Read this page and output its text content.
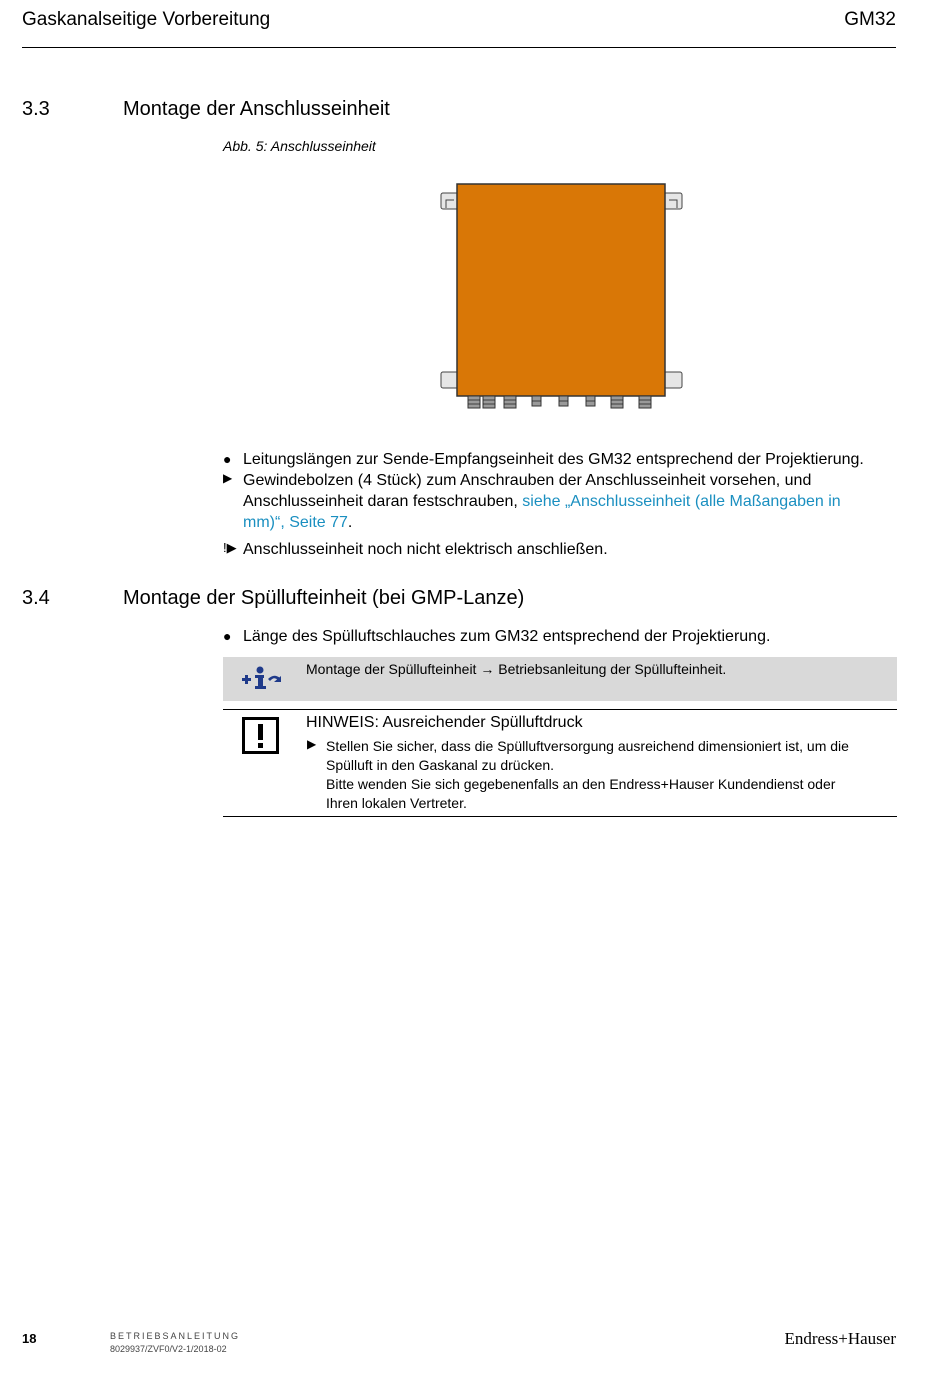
Gaskanalseitige Vorbereitung	GM32
3.3	Montage der Anschlusseinheit
Abb. 5: Anschlusseinheit
● Leitungslängen zur Sende-Empfangseinheit des GM32 entsprechend der Projektierung.
▶ Gewindebolzen (4 Stück) zum Anschrauben der Anschlusseinheit vorsehen, und
Anschlusseinheit daran festschrauben, siehe „Anschlusseinheit (alle Maßangaben in
mm)“, Seite 77.
!▶ Anschlusseinheit noch nicht elektrisch anschließen.
3.4	Montage der Spüllufteinheit (bei GMP-Lanze)
● Länge des Spülluftschlauches zum GM32 entsprechend der Projektierung.
Montage der Spüllufteinheit → Betriebsanleitung der Spüllufteinheit.
HINWEIS: Ausreichender Spülluftdruck
▶ Stellen Sie sicher, dass die Spülluftversorgung ausreichend dimensioniert ist, um die
Spülluft in den Gaskanal zu drücken.
Bitte wenden Sie sich gegebenenfalls an den Endress+Hauser Kundendienst oder
Ihren lokalen Vertreter.
18	BETRIEBSANLEITUNG
8029937/ZVF0/V2-1/2018-02
Endress+Hauser
